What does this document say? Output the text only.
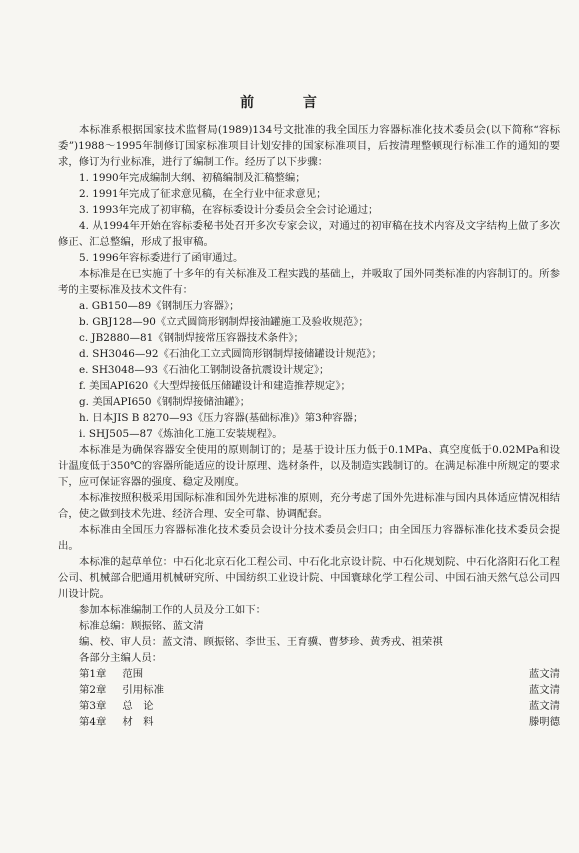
前 言

本标准系根据国家技术监督局(1989)134号文批准的我全国压力容器标准化技术委员会(以下简称“容标委”)1988～1995年制修订国家标准项目计划安排的国家标准项目，后按清理整顿现行标准工作的通知的要求，修订为行业标准，进行了编制工作。经历了以下步骤：

1. 1990年完成编制大纲、初稿编制及汇稿整编；

2. 1991年完成了征求意见稿，在全行业中征求意见；

3. 1993年完成了初审稿，在容标委设计分委员会全会讨论通过；

4. 从1994年开始在容标委秘书处召开多次专家会议，对通过的初审稿在技术内容及文字结构上做了多次修正、汇总整编，形成了报审稿。

5. 1996年容标委进行了函审通过。

本标准是在已实施了十多年的有关标准及工程实践的基础上，并吸取了国外同类标准的内容制订的。所参考的主要标准及技术文件有：

a. GB150—89《钢制压力容器》；

b. GBJ128—90《立式圆筒形钢制焊接油罐施工及验收规范》；

c. JB2880—81《钢制焊接常压容器技术条件》；

d. SH3046—92《石油化工立式圆筒形钢制焊接储罐设计规范》；

e. SH3048—93《石油化工钢制设备抗震设计规定》；

f. 美国API620《大型焊接低压储罐设计和建造推荐规定》；

g. 美国API650《钢制焊接储油罐》；

h. 日本JIS B 8270—93《压力容器(基础标准)》第3种容器；

i. SHJ505—87《炼油化工施工安装规程》。

本标准是为确保容器安全使用的原则制订的；是基于设计压力低于0.1MPa、真空度低于0.02MPa和设计温度低于350℃的容器所能适应的设计原理、选材条件，以及制造实践制订的。在满足标准中所规定的要求下，应可保证容器的强度、稳定及刚度。

本标准按照积极采用国际标准和国外先进标准的原则，充分考虑了国外先进标准与国内具体适应情况相结合，使之做到技术先进、经济合理、安全可靠、协调配套。

本标准由全国压力容器标准化技术委员会设计分技术委员会归口；由全国压力容器标准化技术委员会提出。

本标准的起草单位：中石化北京石化工程公司、中石化北京设计院、中石化规划院、中石化洛阳石化工程公司、机械部合肥通用机械研究所、中国纺织工业设计院、中国寰球化学工程公司、中国石油天然气总公司四川设计院。

参加本标准编制工作的人员及分工如下：

标准总编：顾振铭、蓝文清

编、校、审人员：蓝文清、顾振铭、李世玉、王育骥、曹梦珍、黄秀戎、祖荣祺

各部分主编人员：

第1章 范围	蓝文清
第2章 引用标准	蓝文清
第3章 总　论	蓝文清
第4章 材　料	滕明德
